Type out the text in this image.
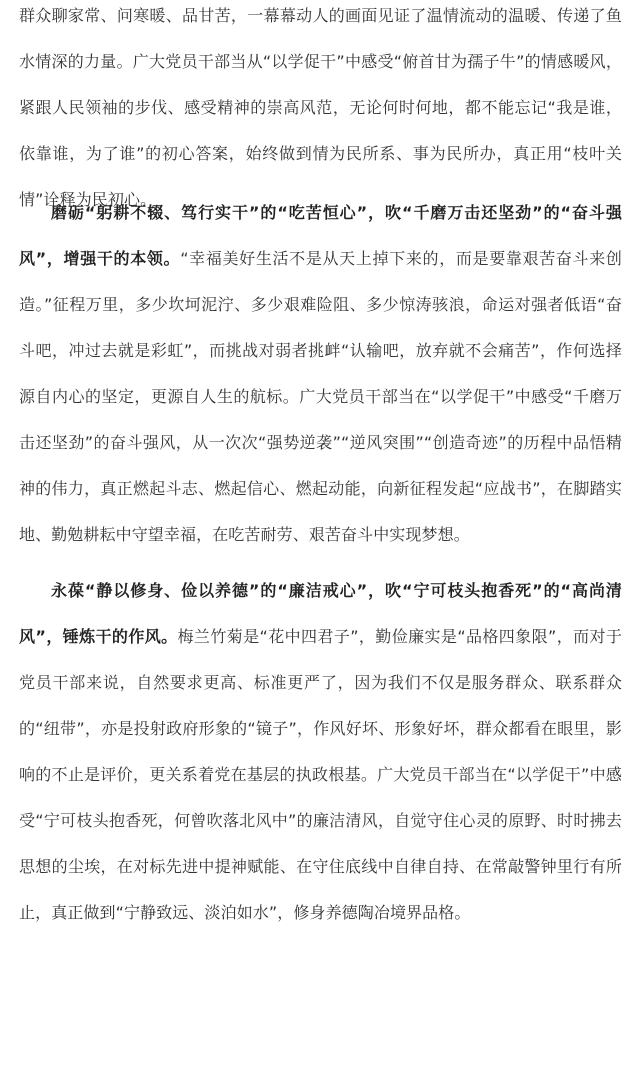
群众聊家常、问寒暖、品甘苦，一幕幕动人的画面见证了温情流动的温暖、传递了鱼水情深的力量。广大党员干部当从“以学促干”中感受“俯首甘为孺子牛”的情感暖风，紧跟人民领袖的步伐、感受精神的崇高风范，无论何时何地，都不能忘记“我是谁，依靠谁，为了谁”的初心答案，始终做到情为民所系、事为民所办，真正用“枝叶关情”诠释为民初心。

磨砺“躬耕不辍、笃行实干”的“吃苦恒心”，吹“千磨万击还坚劲”的“奋斗强风”，增强干的本领。“幸福美好生活不是从天上掉下来的，而是要靠艰苦奋斗来创造。”征程万里，多少坎坷泥泞、多少艰难险阻、多少惊涛骇浪，命运对强者低语“奋斗吧，冲过去就是彩虹”，而挑战对弱者挑衅“认输吧，放弃就不会痛苦”，作何选择源自内心的坚定，更源自人生的航标。广大党员干部当在“以学促干”中感受“千磨万击还坚劲”的奋斗强风，从一次次“强势逆袭”“逆风突围”“创造奇迹”的历程中品悟精神的伟力，真正燃起斗志、燃起信心、燃起动能，向新征程发起“应战书”，在脚踏实地、勤勉耕耘中守望幸福，在吃苦耐劳、艰苦奋斗中实现梦想。

永葆“静以修身、俭以养德”的“廉洁戒心”，吹“宁可枝头抱香死”的“高尚清风”，锤炼干的作风。梅兰竹菊是“花中四君子”，勤俭廉实是“品格四象限”，而对于党员干部来说，自然要求更高、标准更严了，因为我们不仅是服务群众、联系群众的“纽带”，亦是投射政府形象的“镜子”，作风好坏、形象好坏，群众都看在眼里，影响的不止是评价，更关系着党在基层的执政根基。广大党员干部当在“以学促干”中感受“宁可枝头抱香死，何曾吹落北风中”的廉洁清风，自觉守住心灵的原野、时时拂去思想的尘埃，在对标先进中提神赋能、在守住底线中自律自持、在常敲警钟里行有所止，真正做到“宁静致远、淡泊如水”，修身养德陶冶境界品格。
